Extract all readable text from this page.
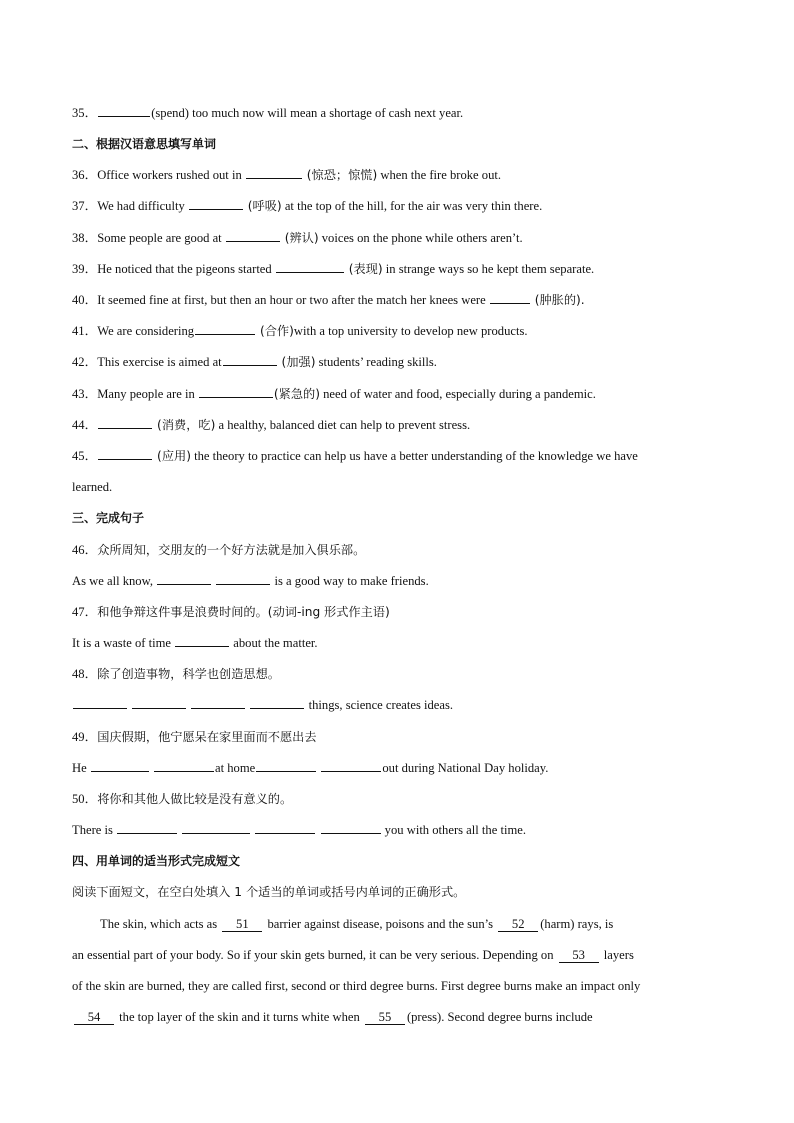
35．	(spend) too much now will mean a shortage of cash next year.
二、根据汉语意思填写单词
36．Office workers rushed out in	(惊恐；惊慌) when the fire broke out.
37．We had difficulty	(呼吸) at the top of the hill, for the air was very thin there.
38．Some people are good at	(辨认) voices on the phone while others aren’t.
39．He noticed that the pigeons started	(表现) in strange ways so he kept them separate.
40．It seemed fine at first, but then an hour or two after the match her knees were	(肿胀的).
41．We are considering	(合作)with a top university to develop new products.
42．This exercise is aimed at	(加强) students’ reading skills.
43．Many people are in	(紧急的) need of water and food, especially during a pandemic.
44．	(消费，吃) a healthy, balanced diet can help to prevent stress.
45．	(应用) the theory to practice can help us have a better understanding of the knowledge we have
learned.
三、完成句子
46．众所周知，交朋友的一个好方法就是加入俱乐部。
As we all know,	is a good way to make friends.
47．和他争辩这件事是浪费时间的。(动词-ing 形式作主语)
It is a waste of time	about the matter.
48．除了创造事物，科学也创造思想。
things, science creates ideas.
49．国庆假期，他宁愿呆在家里面而不愿出去
He	at home	out during National Day holiday.
50．将你和其他人做比较是没有意义的。
There is	you with others all the time.
四、用单词的适当形式完成短文
阅读下面短文，在空白处填入 1 个适当的单词或括号内单词的正确形式。
The skin, which acts as 51 barrier against disease, poisons and the sun’s 52 (harm) rays, is
an essential part of your body. So if your skin gets burned, it can be very serious. Depending on 53 layers
of the skin are burned, they are called first, second or third degree burns. First degree burns make an impact only
54 the top layer of the skin and it turns white when 55 (press). Second degree burns include
